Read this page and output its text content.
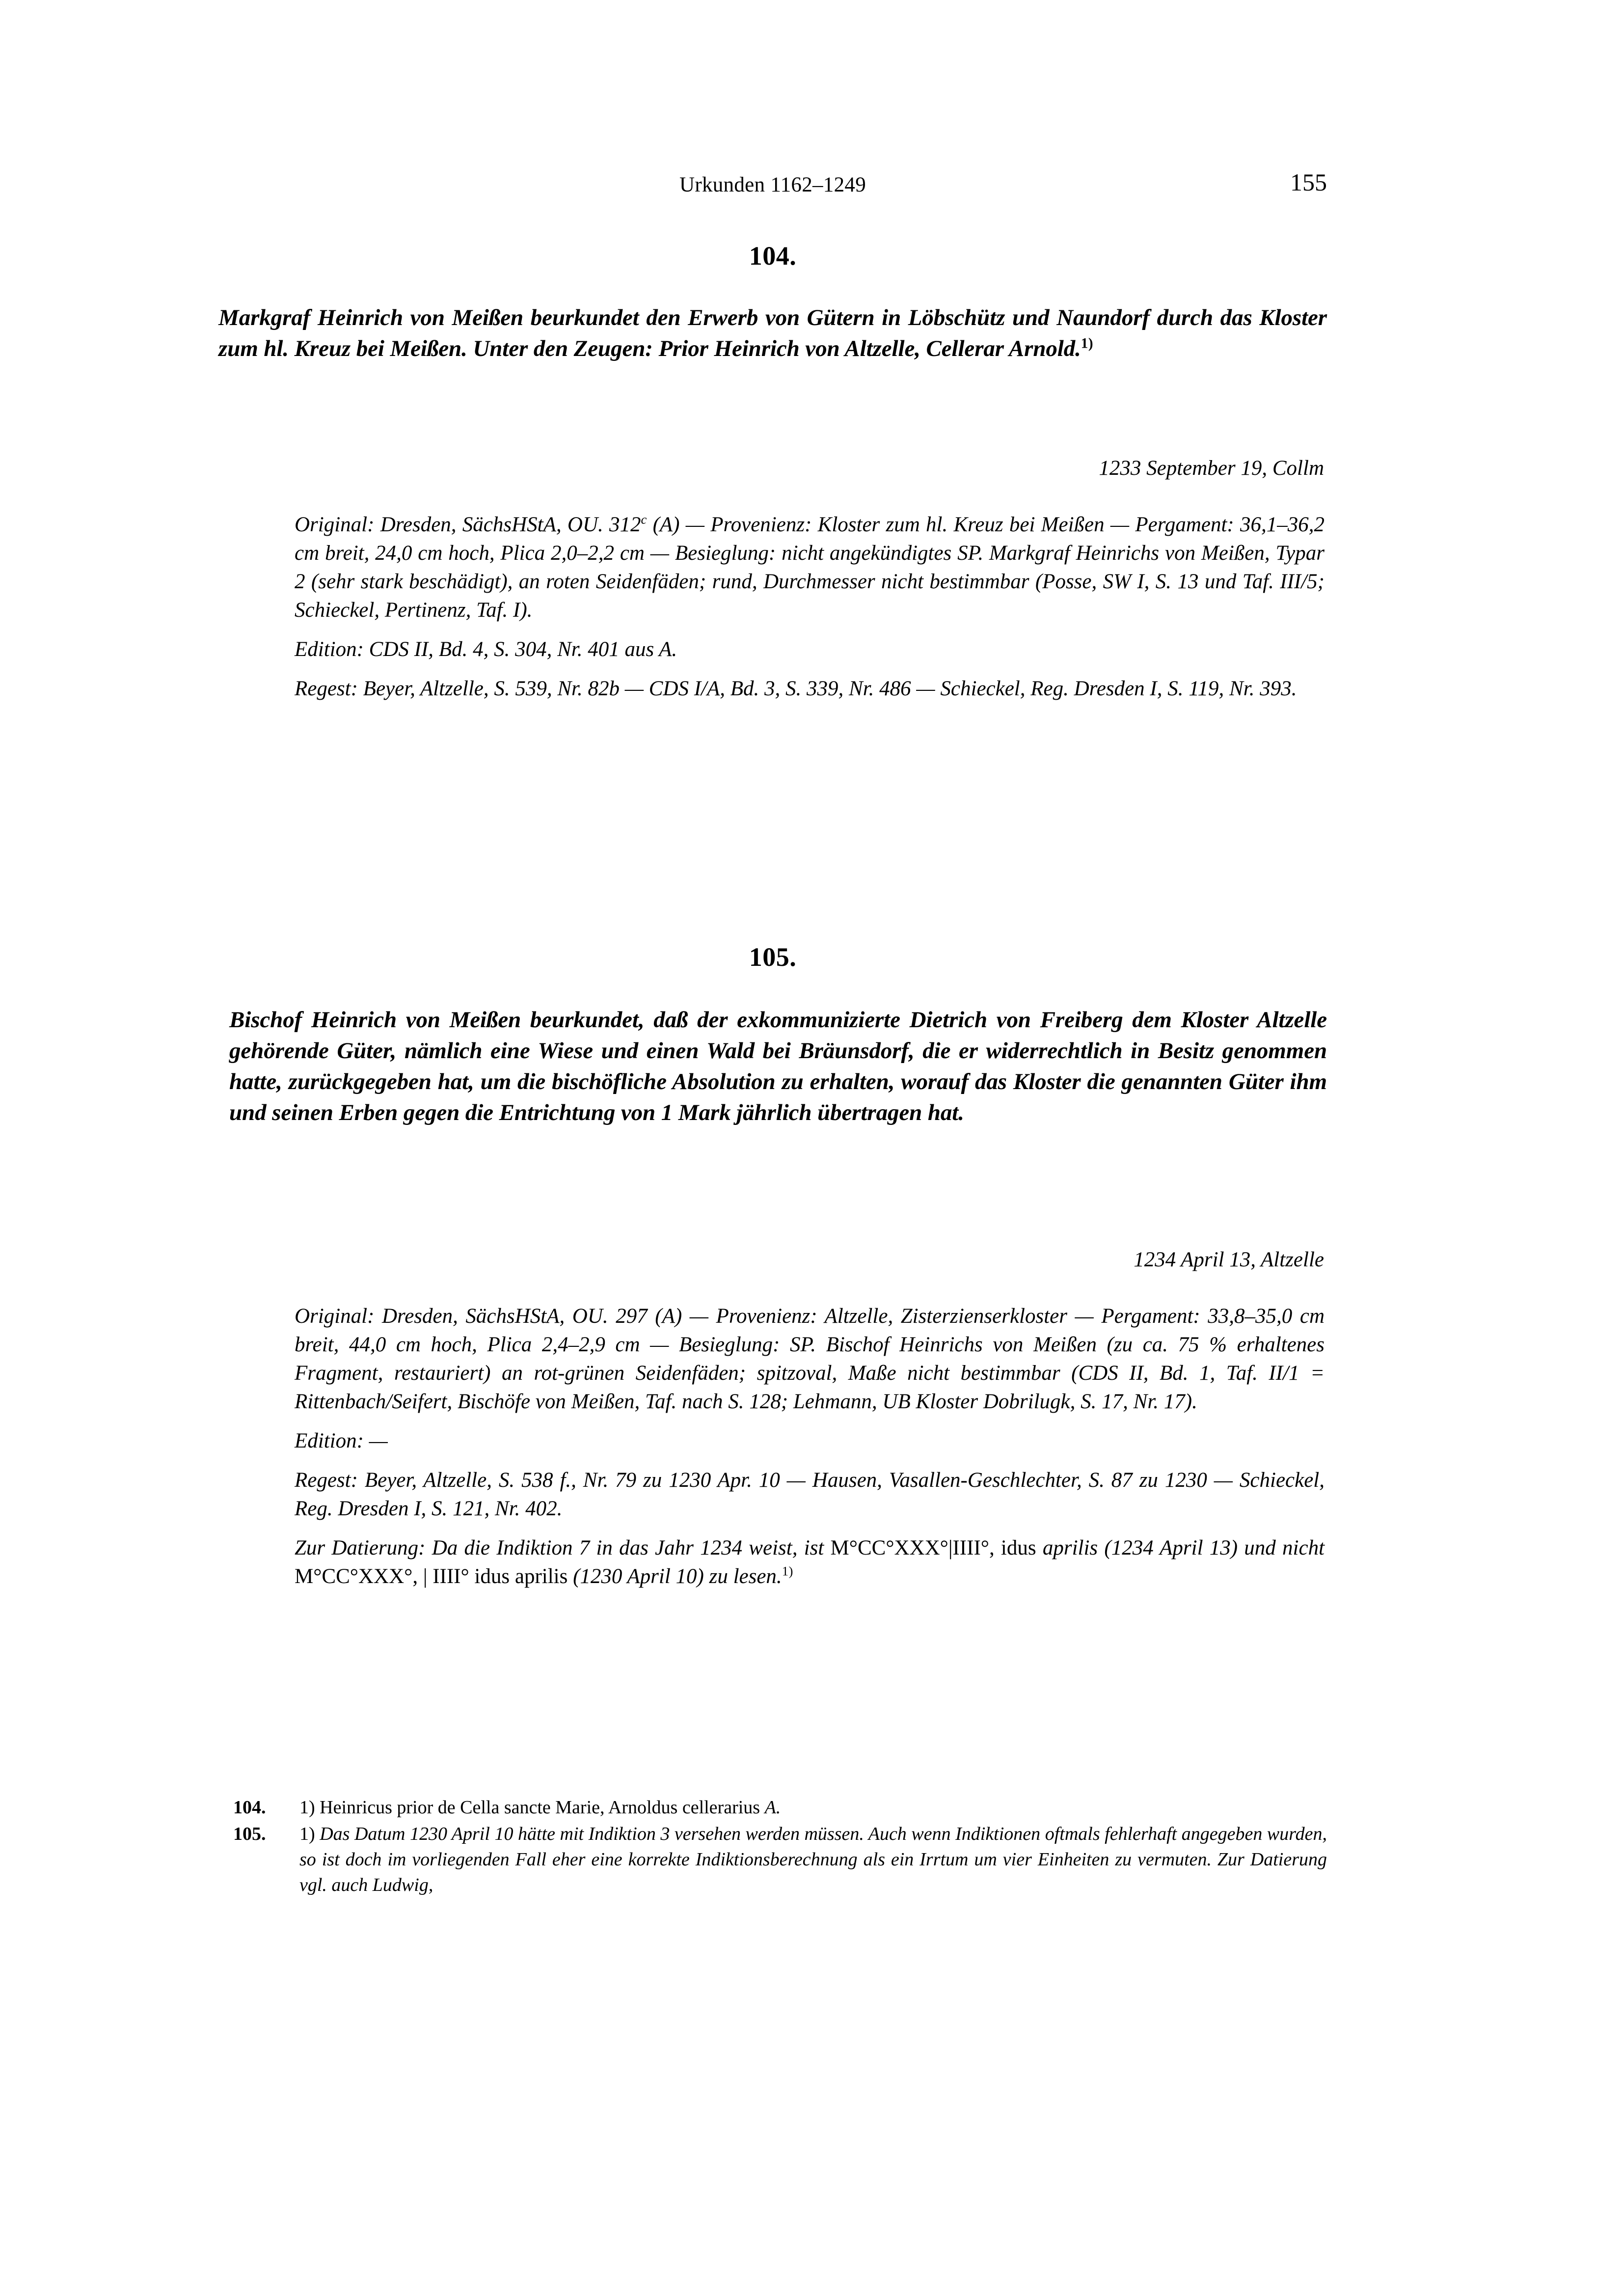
Urkunden 1162–1249	155
104.
Markgraf Heinrich von Meißen beurkundet den Erwerb von Gütern in Löbschütz und Naundorf durch das Kloster zum hl. Kreuz bei Meißen. Unter den Zeugen: Prior Heinrich von Altzelle, Cellerar Arnold.$^{1)}$
1233 September 19, Collm

Original: Dresden, SächsHStA, OU. 312$^c$ (A) — Provenienz: Kloster zum hl. Kreuz bei Meißen — Pergament: 36,1–36,2 cm breit, 24,0 cm hoch, Plica 2,0–2,2 cm — Besieglung: nicht angekündigtes SP. Markgraf Heinrichs von Meißen, Typar 2 (sehr stark beschädigt), an roten Seidenfäden; rund, Durchmesser nicht bestimmbar (Posse, SW I, S. 13 und Taf. III/5; Schieckel, Pertinenz, Taf. I).

Edition: CDS II, Bd. 4, S. 304, Nr. 401 aus A.

Regest: Beyer, Altzelle, S. 539, Nr. 82b — CDS I/A, Bd. 3, S. 339, Nr. 486 — Schieckel, Reg. Dresden I, S. 119, Nr. 393.

105.
Bischof Heinrich von Meißen beurkundet, daß der exkommunizierte Dietrich von Freiberg dem Kloster Altzelle gehörende Güter, nämlich eine Wiese und einen Wald bei Bräunsdorf, die er widerrechtlich in Besitz genommen hatte, zurückgegeben hat, um die bischöfliche Absolution zu erhalten, worauf das Kloster die genannten Güter ihm und seinen Erben gegen die Entrichtung von 1 Mark jährlich übertragen hat.
1234 April 13, Altzelle

Original: Dresden, SächsHStA, OU. 297 (A) — Provenienz: Altzelle, Zisterzienserkloster — Pergament: 33,8–35,0 cm breit, 44,0 cm hoch, Plica 2,4–2,9 cm — Besieglung: SP. Bischof Heinrichs von Meißen (zu ca. 75 % erhaltenes Fragment, restauriert) an rot-grünen Seidenfäden; spitzoval, Maße nicht bestimmbar (CDS II, Bd. 1, Taf. II/1 = Rittenbach/Seifert, Bischöfe von Meißen, Taf. nach S. 128; Lehmann, UB Kloster Dobrilugk, S. 17, Nr. 17).

Edition: —

Regest: Beyer, Altzelle, S. 538 f., Nr. 79 zu 1230 Apr. 10 — Hausen, Vasallen-Geschlechter, S. 87 zu 1230 — Schieckel, Reg. Dresden I, S. 121, Nr. 402.

Zur Datierung: Da die Indiktion 7 in das Jahr 1234 weist, ist M°CC°XXX°|IIII°, idus aprilis (1234 April 13) und nicht M°CC°XXX°, | IIII° idus aprilis (1230 April 10) zu lesen.$^{1)}$

104.	1) Heinricus prior de Cella sancte Marie, Arnoldus cellerarius A.
105.	1) Das Datum 1230 April 10 hätte mit Indiktion 3 versehen werden müssen. Auch wenn Indiktionen oftmals fehlerhaft angegeben wurden, so ist doch im vorliegenden Fall eher eine korrekte Indiktionsberechnung als ein Irrtum um vier Einheiten zu vermuten. Zur Datierung vgl. auch Ludwig,
